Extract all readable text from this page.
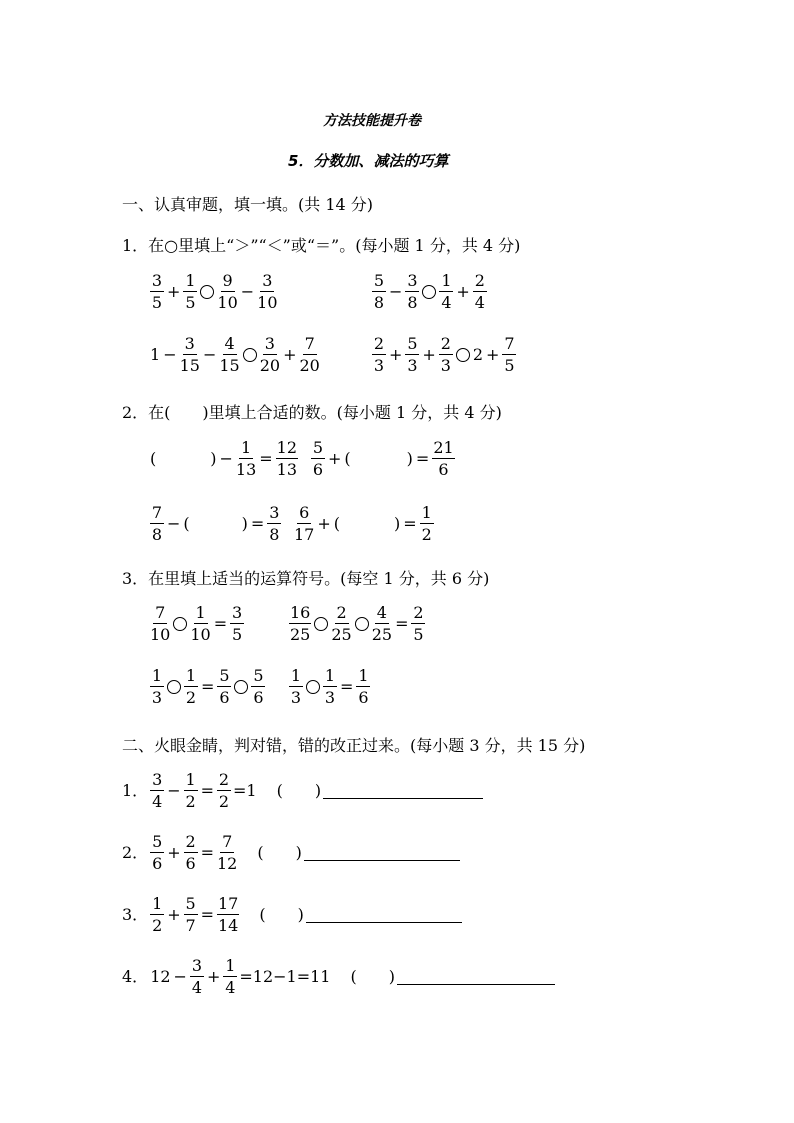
方法技能提升卷
5．分数加、减法的巧算
一、认真审题，填一填。(共 14 分)
1．在○里填上“＞”“＜”或“＝”。(每小题 1 分，共 4 分)
$\frac{3}{5} + \frac{1}{5} \frac{9}{10} - \frac{3}{10}$	$\frac{5}{8} - \frac{3}{8} \frac{1}{4} + \frac{2}{4}$
$1 - \frac{3}{15} - \frac{4}{15} \frac{3}{20} + \frac{7}{20}$	$\frac{2}{3} + \frac{5}{3} + \frac{2}{3} 2 + \frac{7}{5}$
2．在(　　)里填上合适的数。(每小题 1 分，共 4 分)
(	) − $\frac{1}{13} = \frac{12}{13} \frac{5}{6}$ + (	) = $\frac{21}{6}$
$\frac{7}{8}$ − (	) = $\frac{3}{8} \frac{6}{17}$ + (	) = $\frac{1}{2}$
3．在里填上适当的运算符号。(每空 1 分，共 6 分)
$\frac{7}{10} \frac{1}{10} = \frac{3}{5}$	$\frac{16}{25} \frac{2}{25} \frac{4}{25} = \frac{2}{5}$
$\frac{1}{3} \frac{1}{2} = \frac{5}{6} \frac{5}{6} \frac{1}{3} \frac{1}{3} = \frac{1}{6}$
二、火眼金睛，判对错，错的改正过来。(每小题 3 分，共 15 分)
1． $\frac{3}{4} - \frac{1}{2} = \frac{2}{2} =1$ (　　)
2． $\frac{5}{6} + \frac{2}{6} = \frac{7}{12}$ (　　)
3． $\frac{1}{2} + \frac{5}{7} = \frac{17}{14}$ (　　)
4． $12 - \frac{3}{4} + \frac{1}{4} =12-1=11$ (　　)
